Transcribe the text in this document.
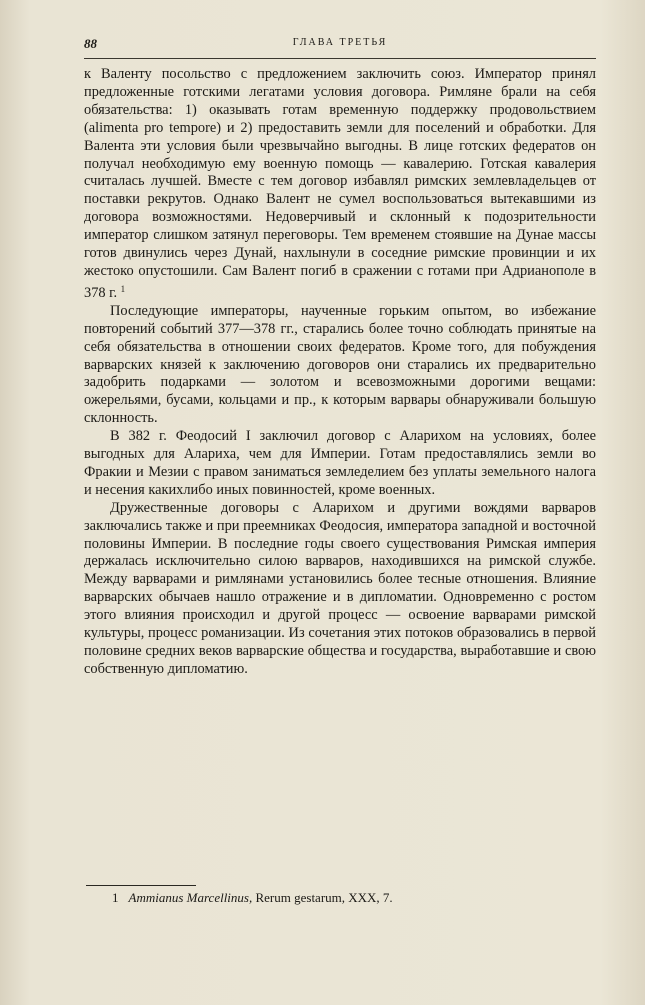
88	ГЛАВА ТРЕТЬЯ

к Валенту посольство с предложением заключить союз. Император принял предложенные готскими легатами условия договора. Римляне брали на себя обязательства: 1) оказывать готам временную поддержку продовольствием (alimenta pro tempore) и 2) предоставить земли для поселений и обработки. Для Валента эти условия были чрезвычайно выгодны. В лице готских федератов он получал необходимую ему военную помощь — кавалерию. Готская кавалерия считалась лучшей. Вместе с тем договор избавлял римских землевладельцев от поставки рекрутов. Однако Валент не сумел воспользоваться вытекавшими из договора возможностями. Недоверчивый и склонный к подозрительности император слишком затянул переговоры. Тем временем стоявшие на Дунае массы готов двинулись через Дунай, нахлынули в соседние римские провинции и их жестоко опустошили. Сам Валент погиб в сражении с готами при Адрианополе в 378 г. $^1$

Последующие императоры, наученные горьким опытом, во избежание повторений событий 377—378 гг., старались более точно соблюдать принятые на себя обязательства в отношении своих федератов. Кроме того, для побуждения варварских князей к заключению договоров они старались их предварительно задобрить подарками — золотом и всевозможными дорогими вещами: ожерельями, бусами, кольцами и пр., к которым варвары обнаруживали большую склонность.

В 382 г. Феодосий I заключил договор с Аларихом на условиях, более выгодных для Алариха, чем для Империи. Готам предоставлялись земли во Фракии и Мезии с правом заниматься земледелием без уплаты земельного налога и несения какихлибо иных повинностей, кроме военных.

Дружественные договоры с Аларихом и другими вождями варваров заключались также и при преемниках Феодосия, императора западной и восточной половины Империи. В последние годы своего существования Римская империя держалась исключительно силою варваров, находившихся на римской службе. Между варварами и римлянами установились более тесные отношения. Влияние варварских обычаев нашло отражение и в дипломатии. Одновременно с ростом этого влияния происходил и другой процесс — освоение варварами римской культуры, процесс романизации. Из сочетания этих потоков образовались в первой половине средних веков варварские общества и государства, выработавшие и свою собственную дипломатию.

1 Ammianus Marcellinus, Rerum gestarum, XXX, 7.
